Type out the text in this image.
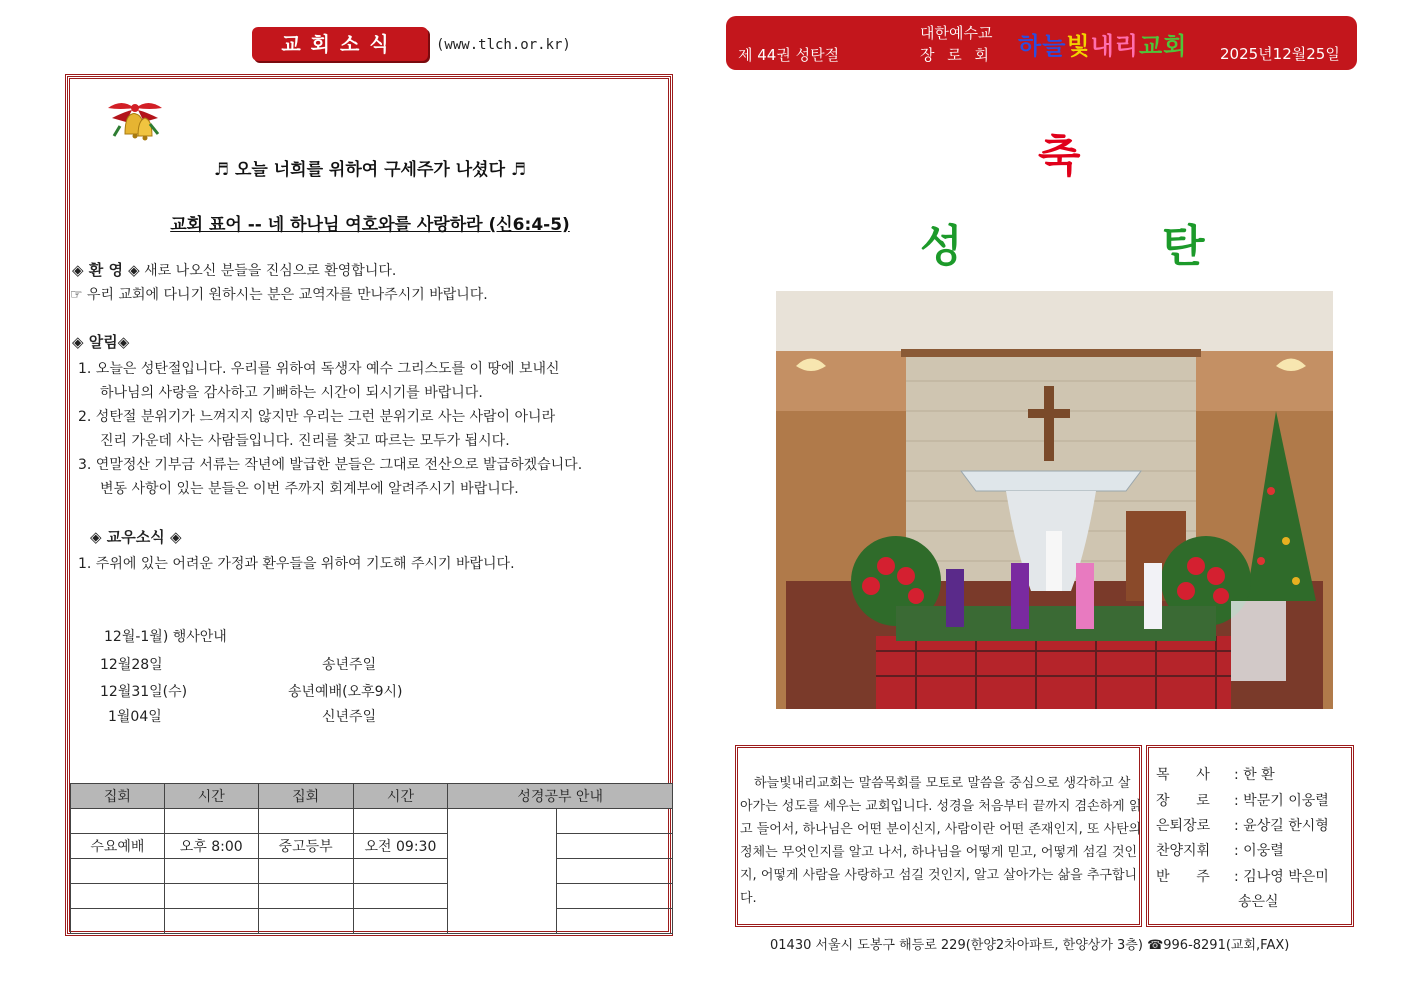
교회소식	(www.tlch.or.kr)
♬ 오늘 너희를 위하여 구세주가 나셨다 ♬
교회 표어 -- 네 하나님 여호와를 사랑하라 (신6:4-5)
◈ 환 영 ◈ 새로 나오신 분들을 진심으로 환영합니다.
☞ 우리 교회에 다니기 원하시는 분은 교역자를 만나주시기 바랍니다.
◈ 알림◈
1. 오늘은 성탄절입니다. 우리를 위하여 독생자 예수 그리스도를 이 땅에 보내신
하나님의 사랑을 감사하고 기뻐하는 시간이 되시기를 바랍니다.
2. 성탄절 분위기가 느껴지지 않지만 우리는 그런 분위기로 사는 사람이 아니라
진리 가운데 사는 사람들입니다. 진리를 찾고 따르는 모두가 됩시다.
3. 연말정산 기부금 서류는 작년에 발급한 분들은 그대로 전산으로 발급하겠습니다.
변동 사항이 있는 분들은 이번 주까지 회계부에 알려주시기 바랍니다.
◈ 교우소식 ◈
1. 주위에 있는 어려운 가정과 환우들을 위하여 기도해 주시기 바랍니다.
12월-1월) 행사안내
12월28일	송년주일
12월31일(수)	송년예배(오후9시)
1월04일	신년주일
집회	시간	집회	시간	성경공부 안내	

수요예배	오후 8:00	중고등부	오전 09:30		

제 44권 성탄절
대한예수교
장 로 회 하늘빛내리교회 2025년12월25일
축
성	탄
하늘빛내리교회는 말씀목회를 모토로 말씀을 중심으로 생각하고 살아가는 성도를 세우는 교회입니다. 성경을 처음부터 끝까지 겸손하게 읽고 들어서, 하나님은 어떤 분이신지, 사람이란 어떤 존재인지, 또 사탄의 정체는 무엇인지를 알고 나서, 하나님을 어떻게 믿고, 어떻게 섬길 것인지, 어떻게 사람을 사랑하고 섬길 것인지, 알고 살아가는 삶을 추구합니다.
목      사 : 한 환
장      로 : 박문기 이웅렬
은퇴장로 : 윤상길 한시형
찬양지휘 : 이웅렬
반      주 : 김나영 박은미
송은실
01430 서울시 도봉구 해등로 229(한양2차아파트, 한양상가 3층) ☎996-8291(교회,FAX)
